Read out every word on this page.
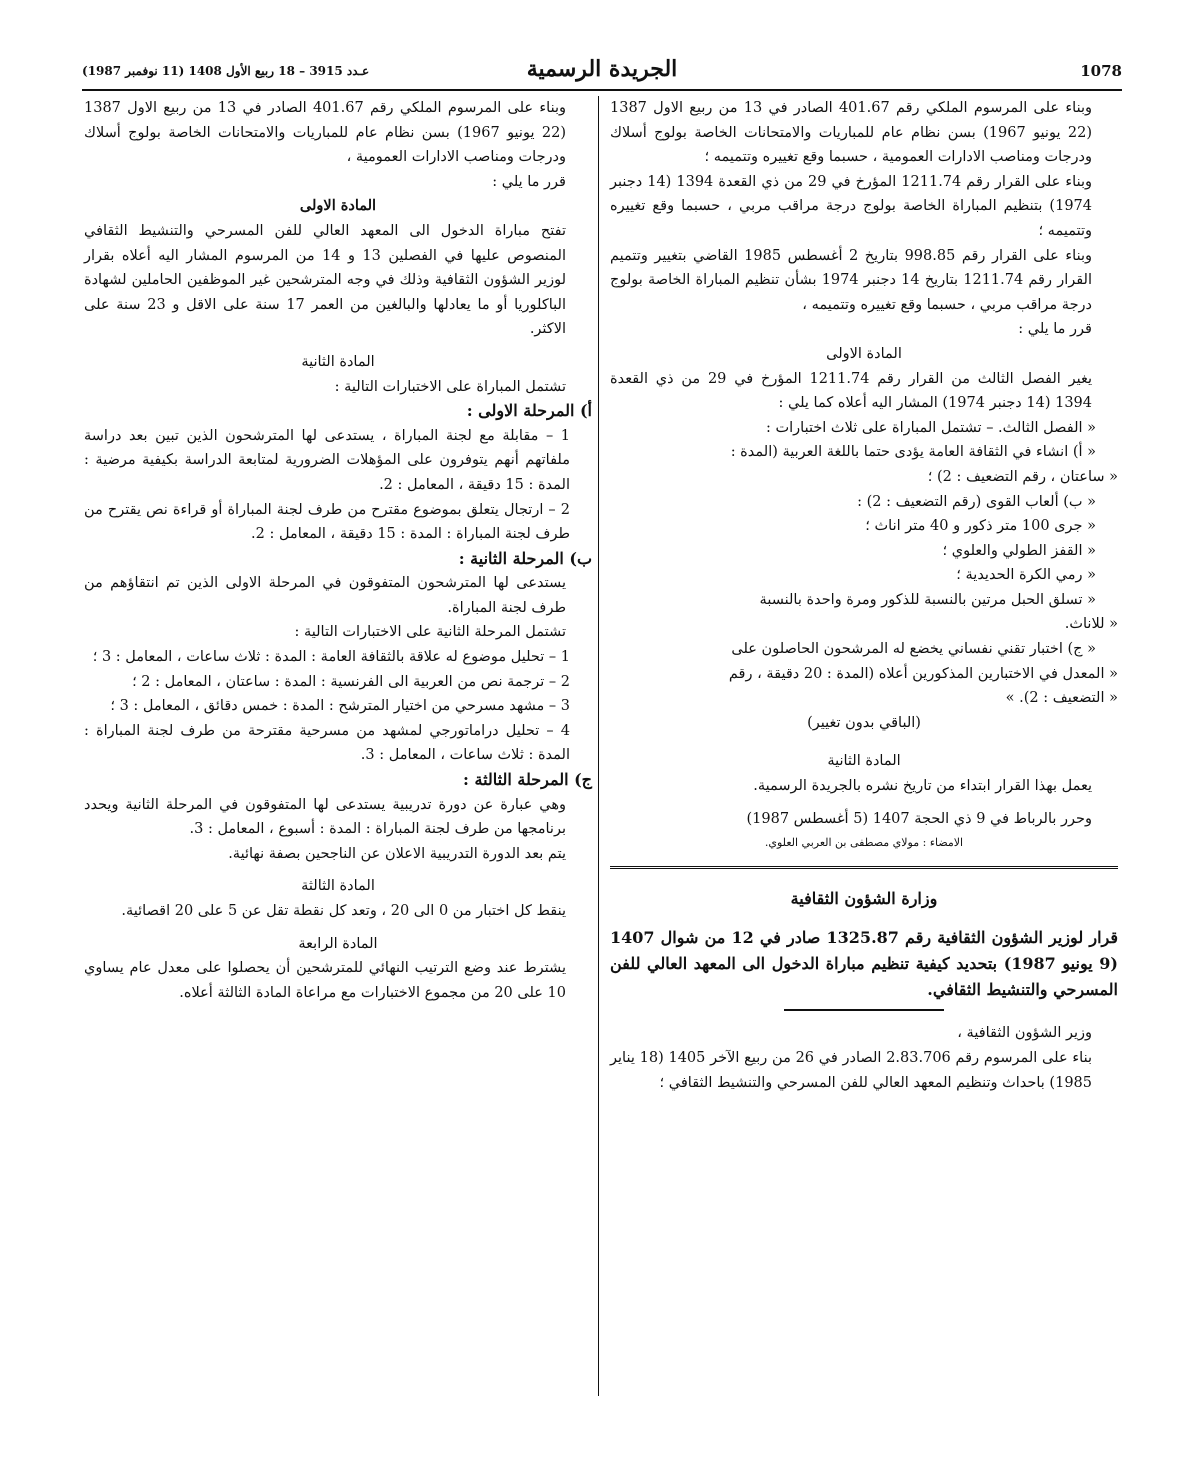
1078
الجريدة الرسمية
عـدد 3915 – 18 ربيع الأول 1408 (11 نوفمبر 1987)

وبناء على المرسوم الملكي رقم 401.67 الصادر في 13 من ربيع الاول 1387 (22 يونيو 1967) بسن نظام عام للمباريات والامتحانات الخاصة بولوج أسلاك ودرجات ومناصب الادارات العمومية ، حسبما وقع تغييره وتتميمه ؛

وبناء على القرار رقم 1211.74 المؤرخ في 29 من ذي القعدة 1394 (14 دجنبر 1974) بتنظيم المباراة الخاصة بولوج درجة مراقب مربي ، حسبما وقع تغييره وتتميمه ؛

وبناء على القرار رقم 998.85 بتاريخ 2 أغسطس 1985 القاضي بتغيير وتتميم القرار رقم 1211.74 بتاريخ 14 دجنبر 1974 بشأن تنظيم المباراة الخاصة بولوج درجة مراقب مربي ، حسبما وقع تغييره وتتميمه ،

قرر ما يلي :

المادة الاولى

يغير الفصل الثالث من القرار رقم 1211.74 المؤرخ في 29 من ذي القعدة 1394 (14 دجنبر 1974) المشار اليه أعلاه كما يلي :

« الفصل الثالث. – تشتمل المباراة على ثلاث اختبارات :

« أ) انشاء في الثقافة العامة يؤدى حتما باللغة العربية (المدة :

« ساعتان ، رقم التضعيف : 2) ؛

« ب) ألعاب القوى (رقم التضعيف : 2) :

« جرى 100 متر ذكور و 40 متر اناث ؛

« القفز الطولي والعلوي ؛

« رمي الكرة الحديدية ؛

« تسلق الحبل مرتين بالنسبة للذكور ومرة واحدة بالنسبة

« للاناث.

« ج) اختبار تقني نفساني يخضع له المرشحون الحاصلون على

« المعدل في الاختبارين المذكورين أعلاه (المدة : 20 دقيقة ، رقم

« التضعيف : 2). »

(الباقي بدون تغيير)

المادة الثانية

يعمل بهذا القرار ابتداء من تاريخ نشره بالجريدة الرسمية.

وحرر بالرباط في 9 ذي الحجة 1407 (5 أغسطس 1987)

الامضاء : مولاي مصطفى بن العربي العلوي.

وزارة الشؤون الثقافية

قرار لوزير الشؤون الثقافية رقم 1325.87 صادر في 12 من شوال 1407 (9 يونيو 1987) بتحديد كيفية تنظيم مباراة الدخول الى المعهد العالي للفن المسرحي والتنشيط الثقافي.

وزير الشؤون الثقافية ،

بناء على المرسوم رقم 2.83.706 الصادر في 26 من ربيع الآخر 1405 (18 يناير 1985) باحداث وتنظيم المعهد العالي للفن المسرحي والتنشيط الثقافي ؛

وبناء على المرسوم الملكي رقم 401.67 الصادر في 13 من ربيع الاول 1387 (22 يونيو 1967) بسن نظام عام للمباريات والامتحانات الخاصة بولوج أسلاك ودرجات ومناصب الادارات العمومية ،

قرر ما يلي :

المادة الاولى

تفتح مباراة الدخول الى المعهد العالي للفن المسرحي والتنشيط الثقافي المنصوص عليها في الفصلين 13 و 14 من المرسوم المشار اليه أعلاه بقرار لوزير الشؤون الثقافية وذلك في وجه المترشحين غير الموظفين الحاملين لشهادة الباكلوريا أو ما يعادلها والبالغين من العمر 17 سنة على الاقل و 23 سنة على الاكثر.

المادة الثانية

تشتمل المباراة على الاختبارات التالية :

أ) المرحلة الاولى :

1 – مقابلة مع لجنة المباراة ، يستدعى لها المترشحون الذين تبين بعد دراسة ملفاتهم أنهم يتوفرون على المؤهلات الضرورية لمتابعة الدراسة بكيفية مرضية : المدة : 15 دقيقة ، المعامل : 2.

2 – ارتجال يتعلق بموضوع مقترح من طرف لجنة المباراة أو قراءة نص يقترح من طرف لجنة المباراة : المدة : 15 دقيقة ، المعامل : 2.

ب) المرحلة الثانية :

يستدعى لها المترشحون المتفوقون في المرحلة الاولى الذين تم انتقاؤهم من طرف لجنة المباراة.

تشتمل المرحلة الثانية على الاختبارات التالية :

1 – تحليل موضوع له علاقة بالثقافة العامة : المدة : ثلاث ساعات ، المعامل : 3 ؛

2 – ترجمة نص من العربية الى الفرنسية : المدة : ساعتان ، المعامل : 2 ؛

3 – مشهد مسرحي من اختيار المترشح : المدة : خمس دقائق ، المعامل : 3 ؛

4 – تحليل دراماتورجي لمشهد من مسرحية مقترحة من طرف لجنة المباراة : المدة : ثلاث ساعات ، المعامل : 3.

ج) المرحلة الثالثة :

وهي عبارة عن دورة تدريبية يستدعى لها المتفوقون في المرحلة الثانية ويحدد برنامجها من طرف لجنة المباراة : المدة : أسبوع ، المعامل : 3.

يتم بعد الدورة التدريبية الاعلان عن الناجحين بصفة نهائية.

المادة الثالثة

ينقط كل اختبار من 0 الى 20 ، وتعد كل نقطة تقل عن 5 على 20 اقصائية.

المادة الرابعة

يشترط عند وضع الترتيب النهائي للمترشحين أن يحصلوا على معدل عام يساوي 10 على 20 من مجموع الاختبارات مع مراعاة المادة الثالثة أعلاه.
